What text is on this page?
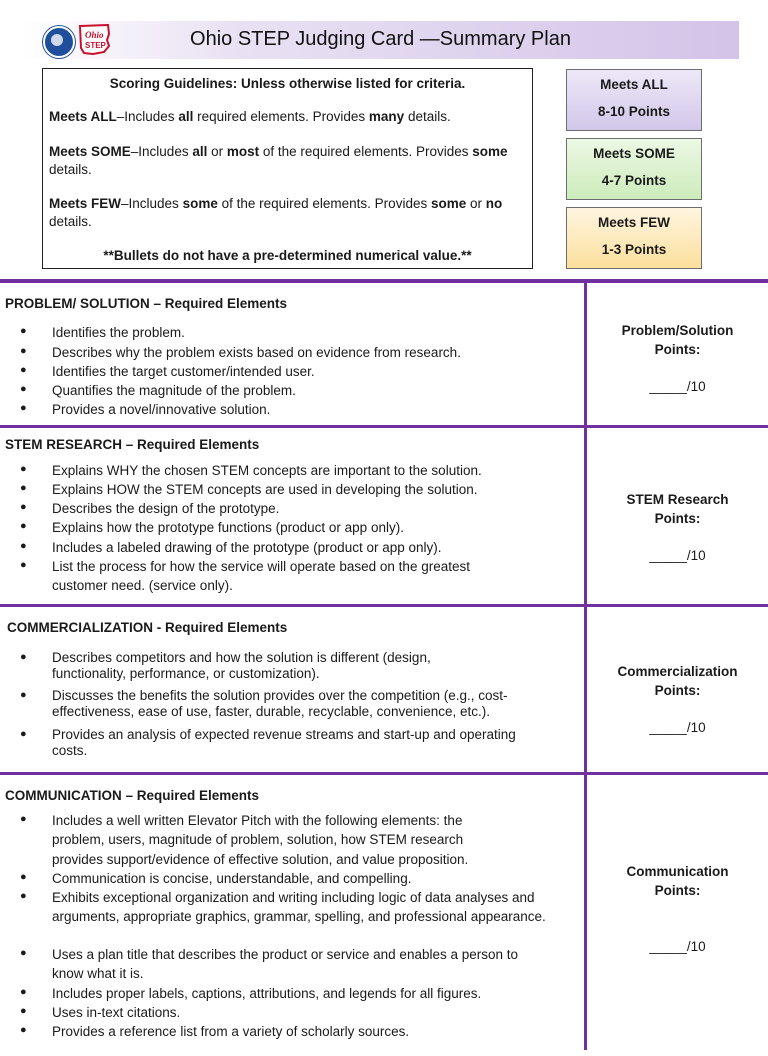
Ohio
STEP	Ohio STEP Judging Card —Summary Plan
Scoring Guidelines: Unless otherwise listed for criteria.

Meets ALL–Includes all required elements. Provides many details.

Meets SOME–Includes all or most of the required elements. Provides some details.

Meets FEW–Includes some of the required elements. Provides some or no details.

**Bullets do not have a pre-determined numerical value.**
Meets ALL
8-10 Points
Meets SOME
4-7 Points
Meets FEW
1-3 Points
PROBLEM/ SOLUTION – Required Elements
● Identifies the problem.
● Describes why the problem exists based on evidence from research.
● Identifies the target customer/intended user.
● Quantifies the magnitude of the problem.
● Provides a novel/innovative solution.
Problem/Solution
Points:
_____/10
STEM RESEARCH – Required Elements
● Explains WHY the chosen STEM concepts are important to the solution.
● Explains HOW the STEM concepts are used in developing the solution.
● Describes the design of the prototype.
● Explains how the prototype functions (product or app only).
● Includes a labeled drawing of the prototype (product or app only).
● List the process for how the service will operate based on the greatest customer need. (service only).
STEM Research
Points:
_____/10
COMMERCIALIZATION - Required Elements
● Describes competitors and how the solution is different (design, functionality, performance, or customization).
● Discusses the benefits the solution provides over the competition (e.g., cost-effectiveness, ease of use, faster, durable, recyclable, convenience, etc.).
● Provides an analysis of expected revenue streams and start-up and operating costs.
Commercialization
Points:
_____/10
COMMUNICATION – Required Elements
● Includes a well written Elevator Pitch with the following elements: the problem, users, magnitude of problem, solution, how STEM research provides support/evidence of effective solution, and value proposition.
● Communication is concise, understandable, and compelling.
● Exhibits exceptional organization and writing including logic of data analyses and arguments, appropriate graphics, grammar, spelling, and professional appearance.
● Uses a plan title that describes the product or service and enables a person to know what it is.
● Includes proper labels, captions, attributions, and legends for all figures.
● Uses in-text citations.
● Provides a reference list from a variety of scholarly sources.
Communication
Points:
_____/10
